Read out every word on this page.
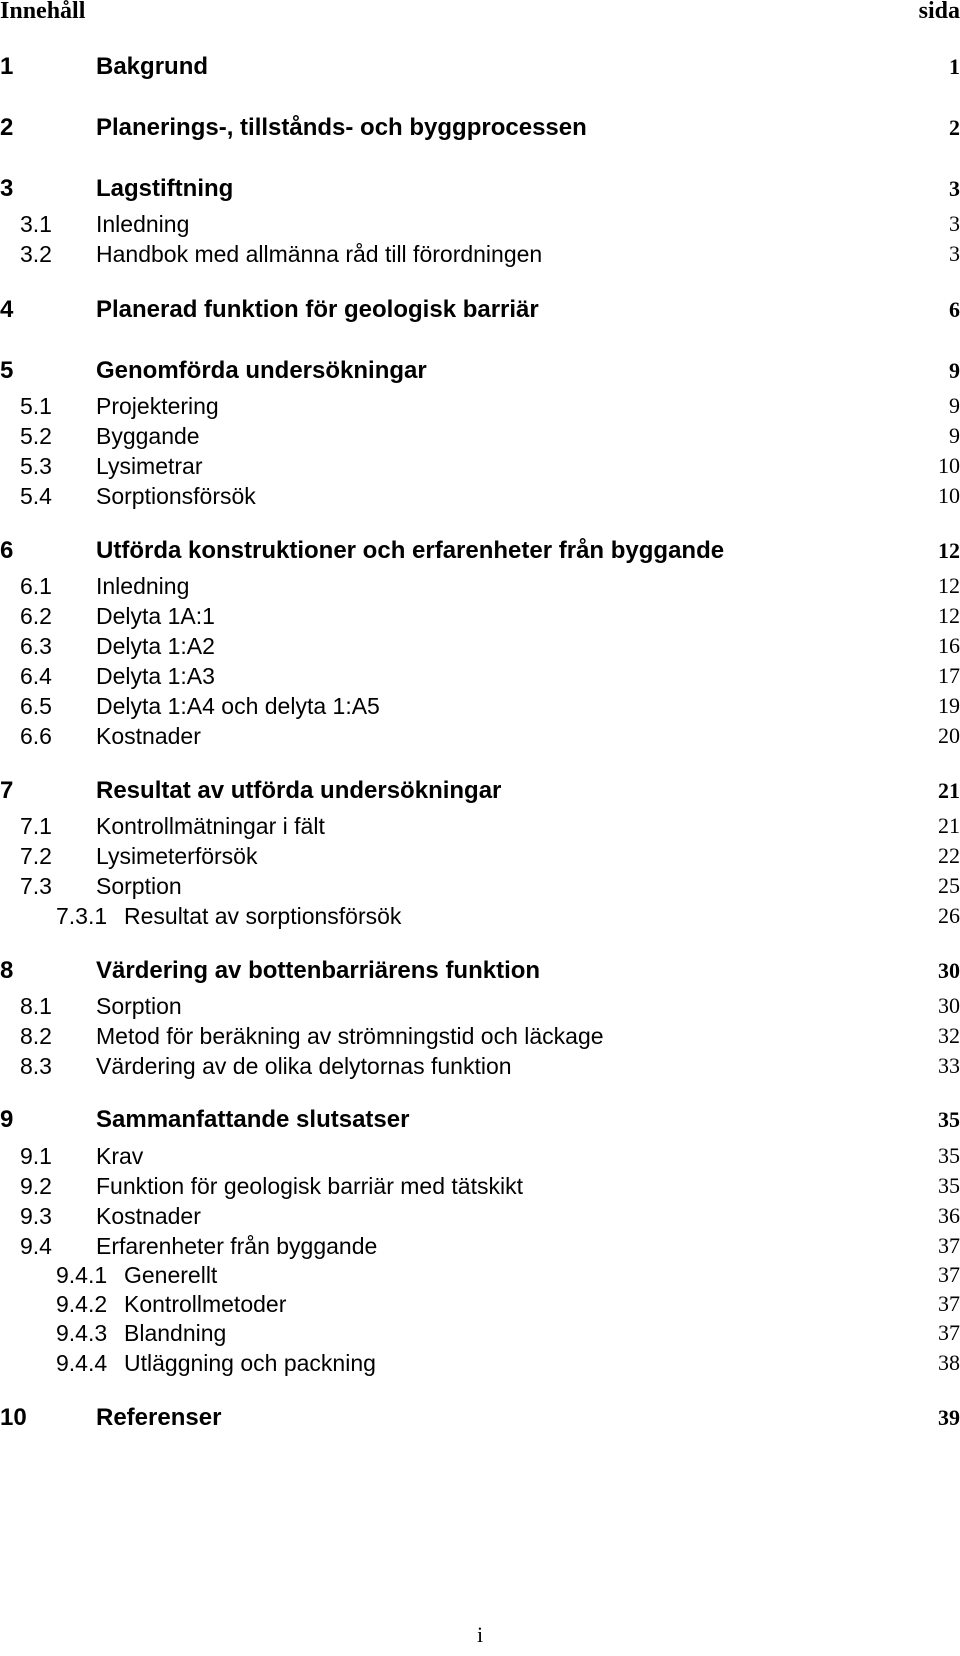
Innehåll	sida
1	Bakgrund	1
2	Planerings-, tillstånds- och byggprocessen	2
3	Lagstiftning	3
3.1 Inledning	3
3.2 Handbok med allmänna råd till förordningen	3
4	Planerad funktion för geologisk barriär	6
5	Genomförda undersökningar	9
5.1 Projektering	9
5.2 Byggande	9
5.3 Lysimetrar	10
5.4 Sorptionsförsök	10
6	Utförda konstruktioner och erfarenheter från byggande	12
6.1 Inledning	12
6.2 Delyta 1A:1	12
6.3 Delyta 1:A2	16
6.4 Delyta 1:A3	17
6.5 Delyta 1:A4 och delyta 1:A5	19
6.6 Kostnader	20
7	Resultat av utförda undersökningar	21
7.1 Kontrollmätningar i fält	21
7.2 Lysimeterförsök	22
7.3 Sorption	25
7.3.1 Resultat av sorptionsförsök	26
8	Värdering av bottenbarriärens funktion	30
8.1 Sorption	30
8.2 Metod för beräkning av strömningstid och läckage	32
8.3 Värdering av de olika delytornas funktion	33
9	Sammanfattande slutsatser	35
9.1 Krav	35
9.2 Funktion för geologisk barriär med tätskikt	35
9.3 Kostnader	36
9.4 Erfarenheter från byggande	37
9.4.1 Generellt	37
9.4.2 Kontrollmetoder	37
9.4.3 Blandning	37
9.4.4 Utläggning och packning	38
10	Referenser	39
i
